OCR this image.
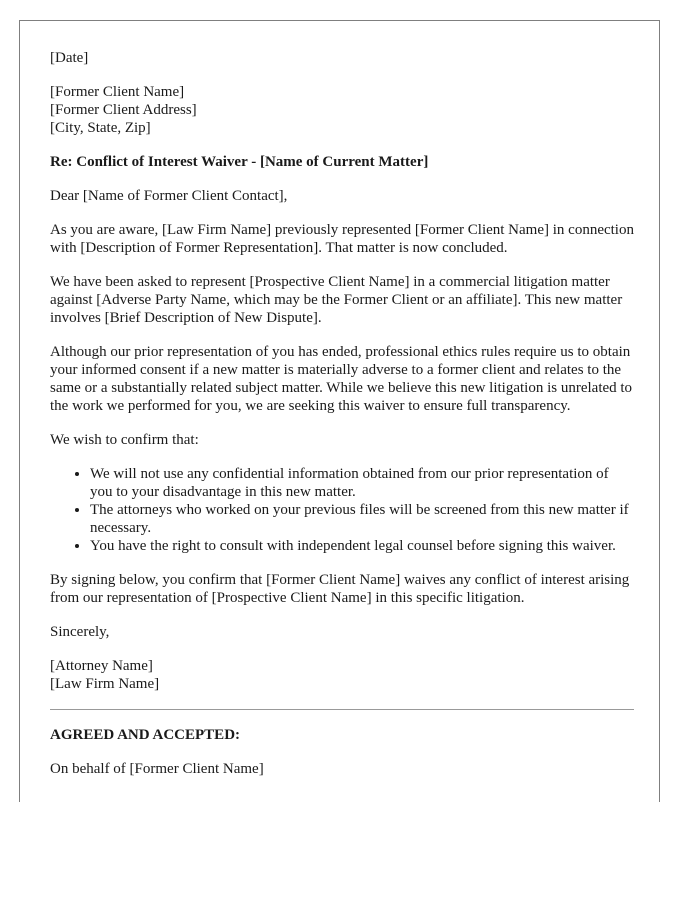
[Date]

[Former Client Name]
[Former Client Address]
[City, State, Zip]

Re: Conflict of Interest Waiver - [Name of Current Matter]

Dear [Name of Former Client Contact],

As you are aware, [Law Firm Name] previously represented [Former Client Name] in connection with [Description of Former Representation]. That matter is now concluded.

We have been asked to represent [Prospective Client Name] in a commercial litigation matter against [Adverse Party Name, which may be the Former Client or an affiliate]. This new matter involves [Brief Description of New Dispute].

Although our prior representation of you has ended, professional ethics rules require us to obtain your informed consent if a new matter is materially adverse to a former client and relates to the same or a substantially related subject matter. While we believe this new litigation is unrelated to the work we performed for you, we are seeking this waiver to ensure full transparency.

We wish to confirm that:

• We will not use any confidential information obtained from our prior representation of you to your disadvantage in this new matter.
• The attorneys who worked on your previous files will be screened from this new matter if necessary.
• You have the right to consult with independent legal counsel before signing this waiver.

By signing below, you confirm that [Former Client Name] waives any conflict of interest arising from our representation of [Prospective Client Name] in this specific litigation.

Sincerely,

[Attorney Name]
[Law Firm Name]

AGREED AND ACCEPTED:

On behalf of [Former Client Name]
